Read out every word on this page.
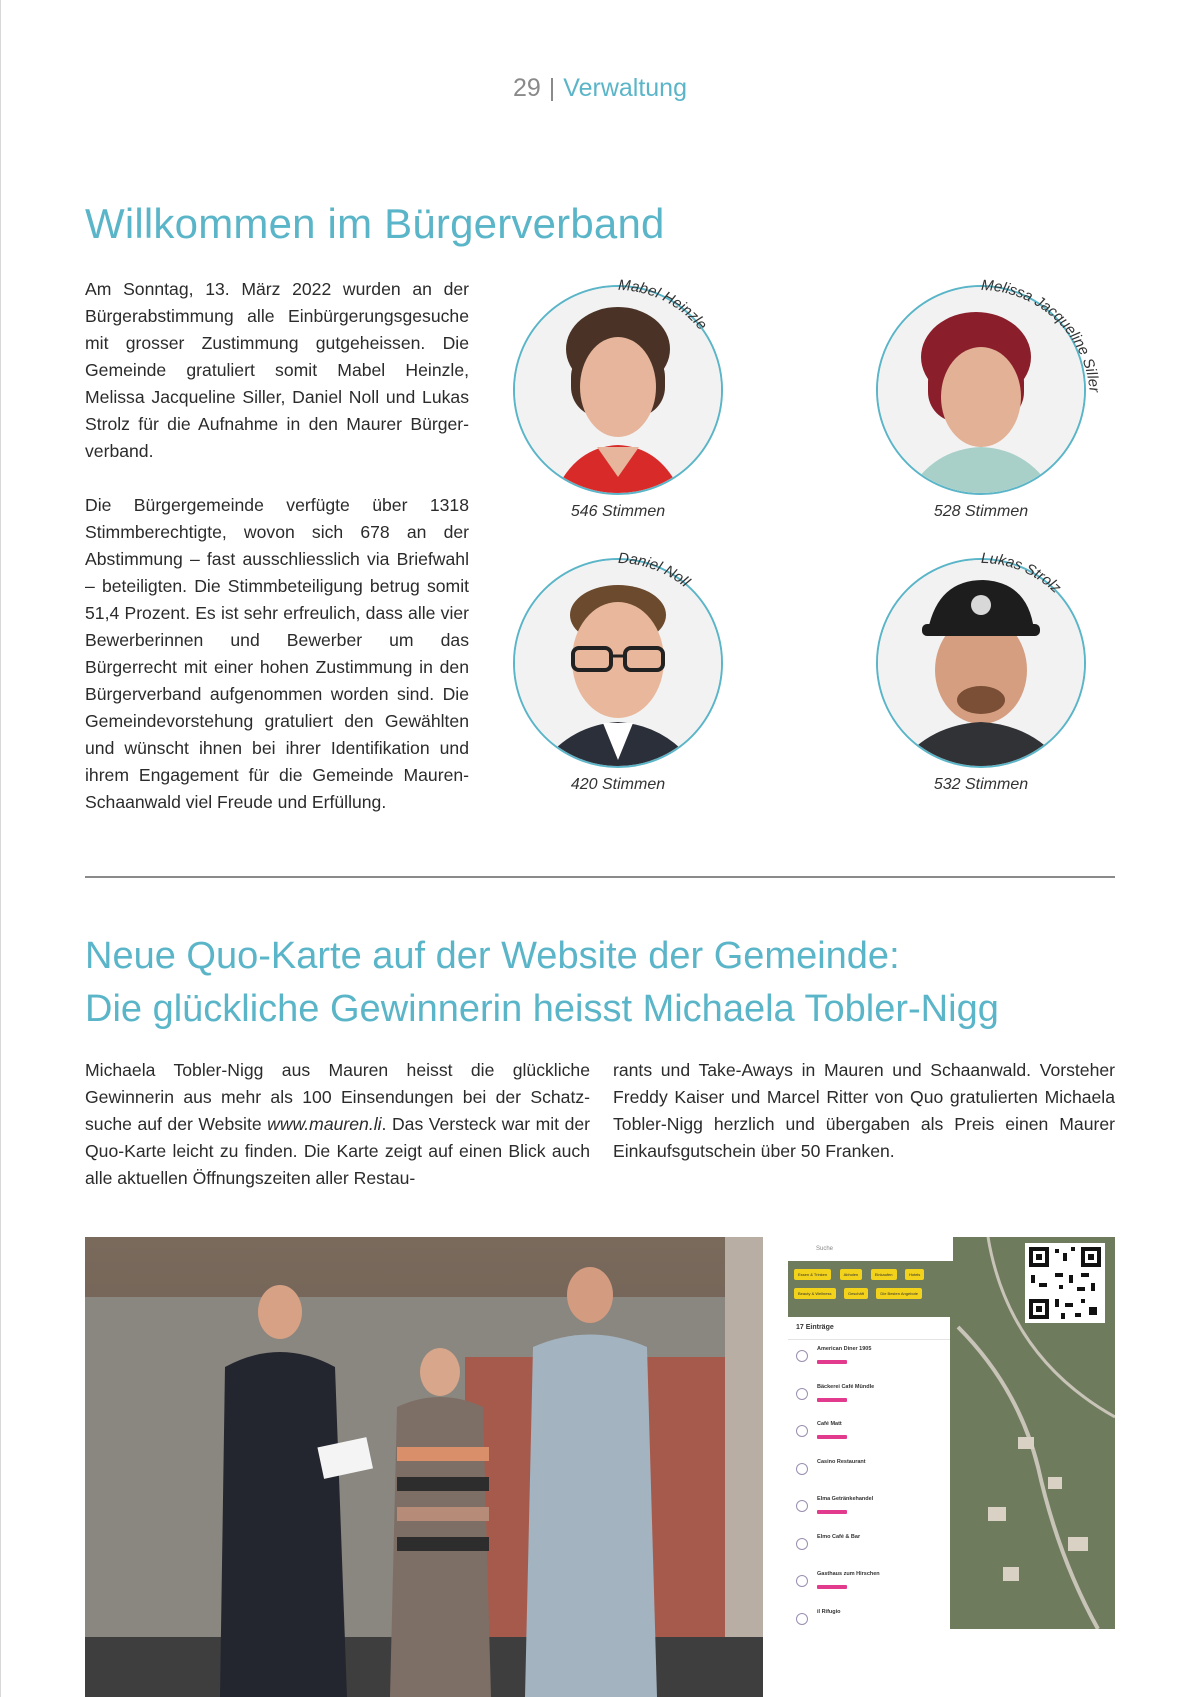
29 | Verwaltung
Willkommen im Bürgerverband

Am Sonntag, 13. März 2022 wurden an der Bürgerabstimmung alle Einbürgerungsgesuche mit grosser Zustimmung gutgeheissen. Die Gemeinde gratuliert somit Mabel Heinzle, Melissa Jacqueline Siller, Daniel Noll und Lukas Strolz für die Aufnahme in den Maurer Bürgerverband.

Die Bürgergemeinde verfügte über 1318 Stimmberechtigte, wovon sich 678 an der Abstimmung – fast ausschliesslich via Briefwahl – beteiligten. Die Stimmbeteiligung betrug somit 51,4 Prozent. Es ist sehr erfreulich, dass alle vier Bewerberinnen und Bewerber um das Bürgerrecht mit einer hohen Zustimmung in den Bürgerverband aufgenommen worden sind. Die Gemeindevorstehung gratuliert den Gewählten und wünscht ihnen bei ihrer Identifikation und ihrem Engagement für die Gemeinde Mauren-Schaanwald viel Freude und Erfüllung.

Mabel Heinzle
546 Stimmen
Melissa Jacqueline Siller
528 Stimmen
Daniel Noll
420 Stimmen
Lukas Strolz
532 Stimmen
Neue Quo-Karte auf der Website der Gemeinde:
Die glückliche Gewinnerin heisst Michaela Tobler-Nigg

Michaela Tobler-Nigg aus Mauren heisst die glückliche Gewinnerin aus mehr als 100 Einsendungen bei der Schatzsuche auf der Website www.mauren.li. Das Versteck war mit der Quo-Karte leicht zu finden. Die Karte zeigt auf einen Blick auch alle aktuellen Öffnungszeiten aller Restau-

rants und Take-Aways in Mauren und Schaanwald. Vorsteher Freddy Kaiser und Marcel Ritter von Quo gratulierten Michaela Tobler-Nigg herzlich und übergaben als Preis einen Maurer Einkaufsgutschein über 50 Franken.

Suche
Essen & Trinken	Abholen	Einkaufen	Hotels Beauty & Wellness	Geschäft	Die Besten Angebote
17 Einträge
American Diner 1905
Bäckerei Café Mündle
Café Matt
Casino Restaurant
Elma Getränkehandel
Elmo Café & Bar
Gasthaus zum Hirschen
il Rifugio
